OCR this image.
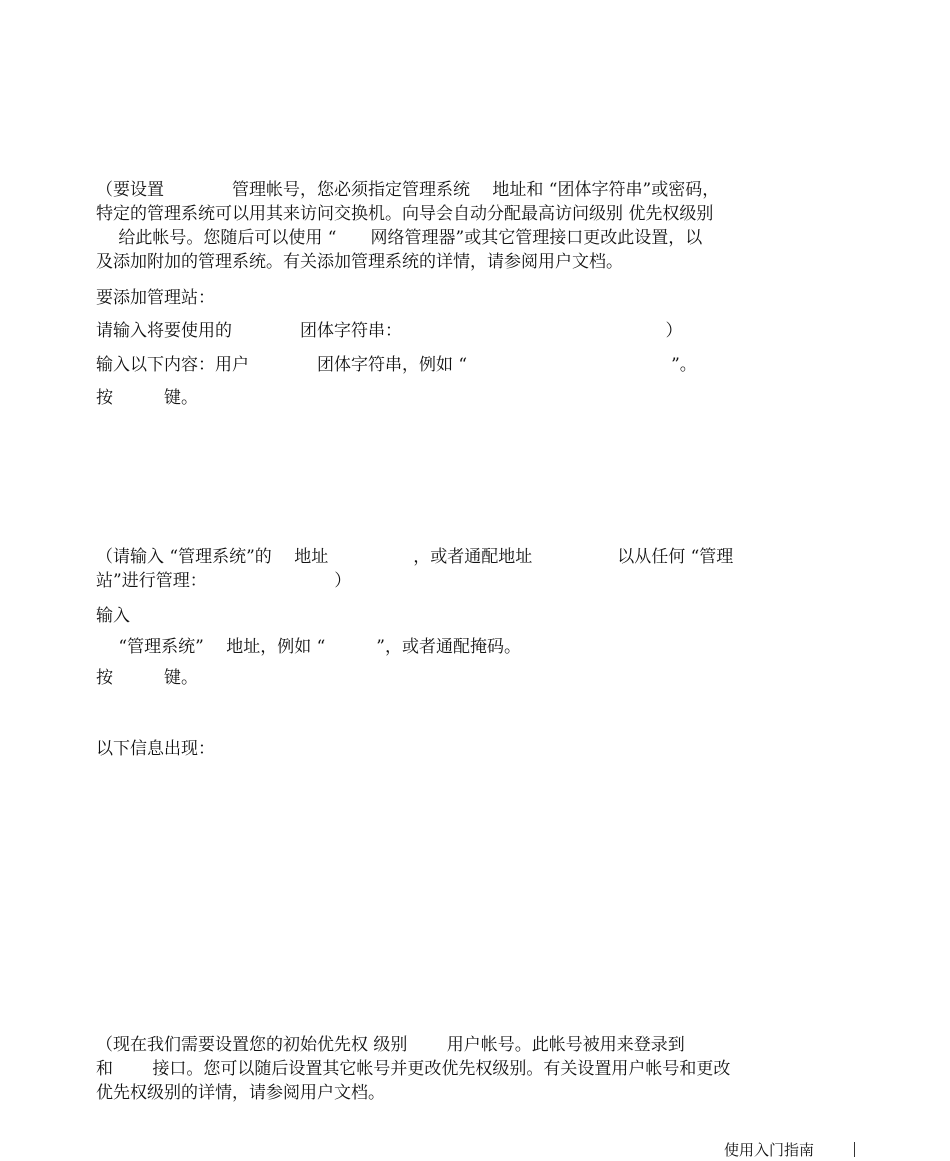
（要设置　　　　管理帐号，您必须指定管理系统　 地址和 “团体字符串”或密码，

特定的管理系统可以用其来访问交换机。向导会自动分配最高访问级别 优先权级别

　 给此帐号。您随后可以使用 “　　网络管理器”或其它管理接口更改此设置，以

及添加附加的管理系统。有关添加管理系统的详情，请参阅用户文档。

要添加管理站：

请输入将要使用的　　　　团体字符串：　　　　　　　　　　　　　　　　）

输入以下内容：用户　　　　团体字符串，例如 “　　　　　　　　　　　　”。

按　　　键。

（请输入 “管理系统”的　 地址　　　　　，或者通配地址　　　　　以从任何 “管理

站”进行管理：　　　　　　　　）

输入

　 “管理系统”　 地址，例如 “　　　”，或者通配掩码。

按　　　键。

以下信息出现：

（现在我们需要设置您的初始优先权 级别　　 用户帐号。此帐号被用来登录到

和　　 接口。您可以随后设置其它帐号并更改优先权级别。有关设置用户帐号和更改

优先权级别的详情，请参阅用户文档。

使用入门指南
